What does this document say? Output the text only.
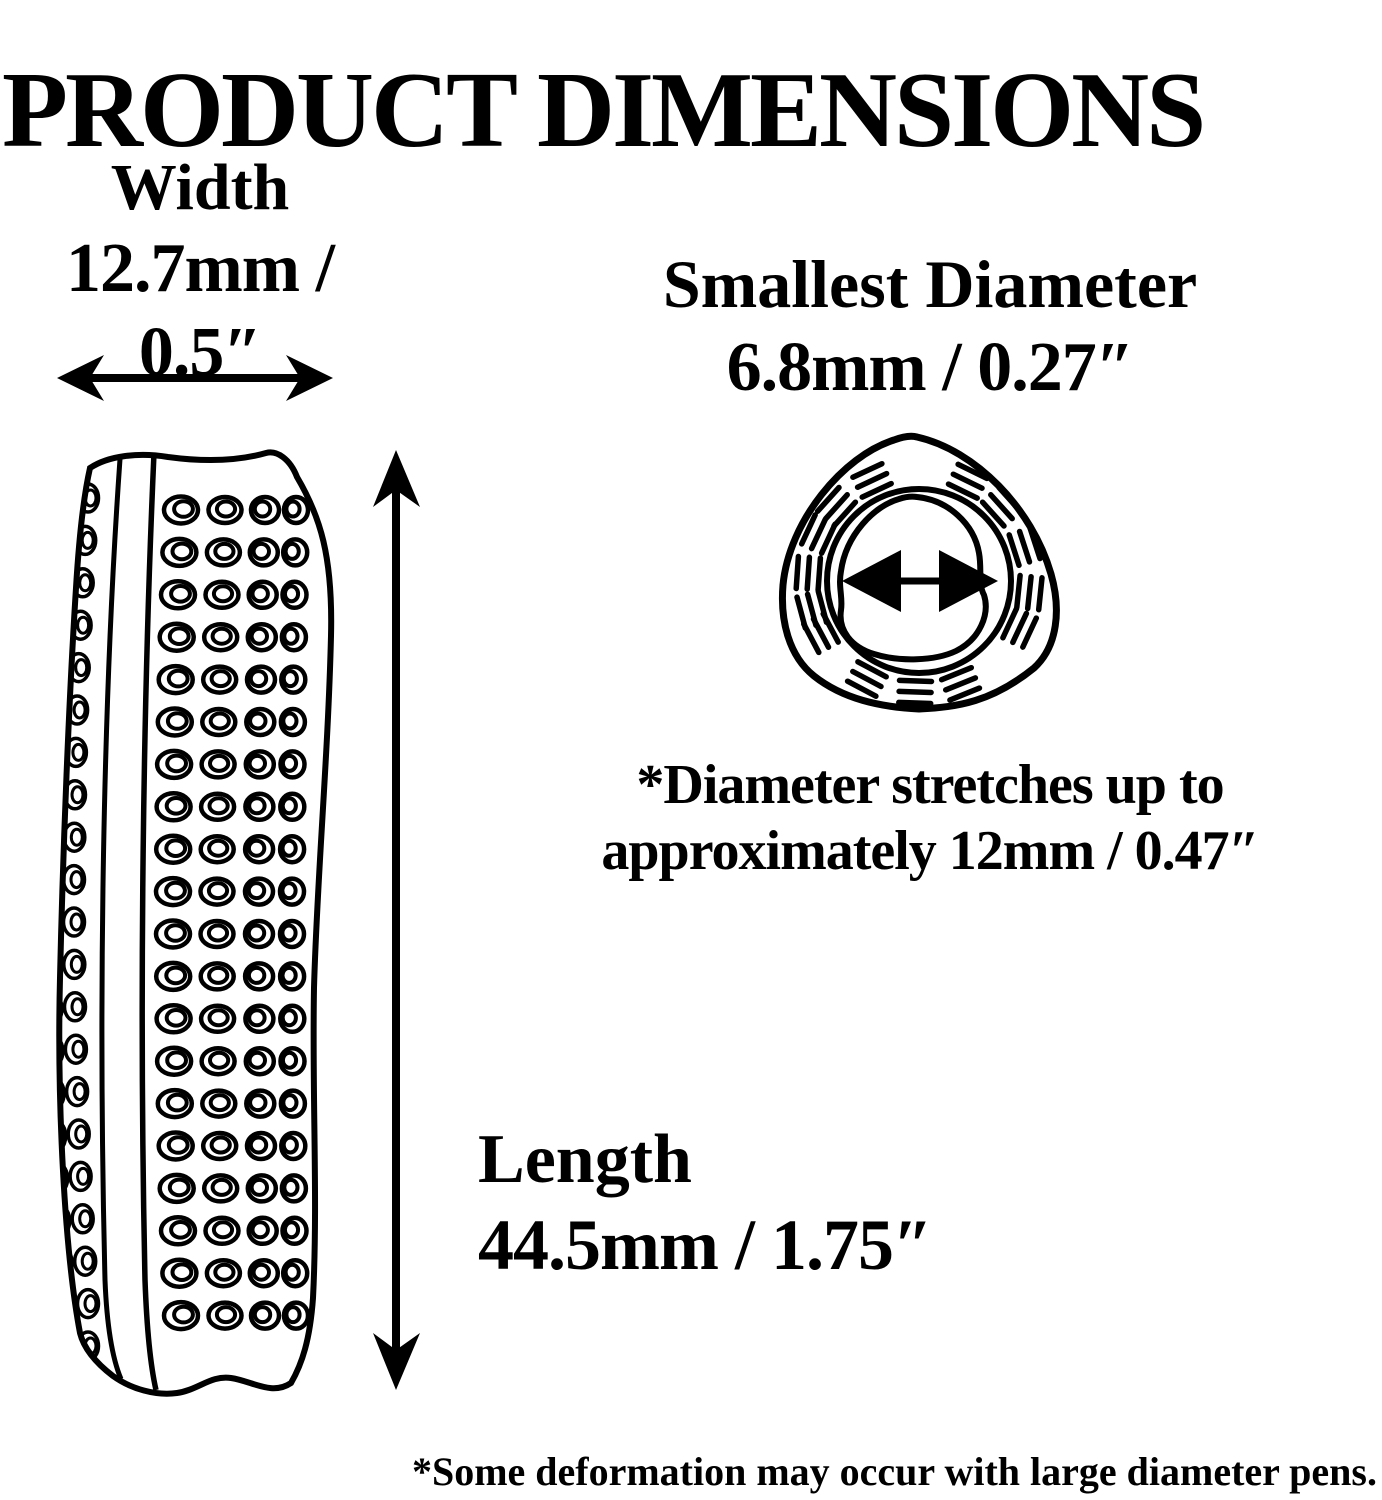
PRODUCT DIMENSIONS
Width
12.7mm / 0.5″
Smallest Diameter
6.8mm / 0.27″
*Diameter stretches up to
approximately 12mm / 0.47″
Length
44.5mm / 1.75″
*Some deformation may occur with large diameter pens.
